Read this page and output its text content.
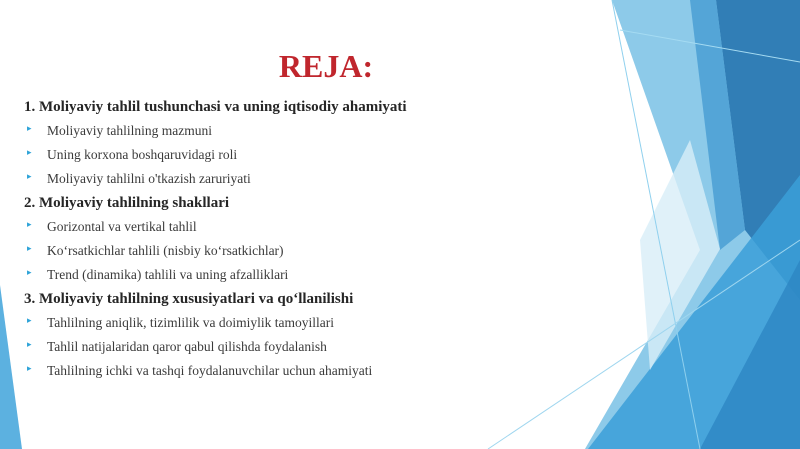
REJA:
1. Moliyaviy tahlil tushunchasi va uning iqtisodiy ahamiyati
▸ Moliyaviy tahlilning mazmuni
▸ Uning korxona boshqaruvidagi roli
▸ Moliyaviy tahlilni o'tkazish zaruriyati
2. Moliyaviy tahlilning shakllari
▸ Gorizontal va vertikal tahlil
▸ Ko‘rsatkichlar tahlili (nisbiy ko‘rsatkichlar)
▸ Trend (dinamika) tahlili va uning afzalliklari
3. Moliyaviy tahlilning xususiyatlari va qo‘llanilishi
▸ Tahlilning aniqlik, tizimlilik va doimiylik tamoyillari
▸ Tahlil natijalaridan qaror qabul qilishda foydalanish
▸ Tahlilning ichki va tashqi foydalanuvchilar uchun ahamiyati
